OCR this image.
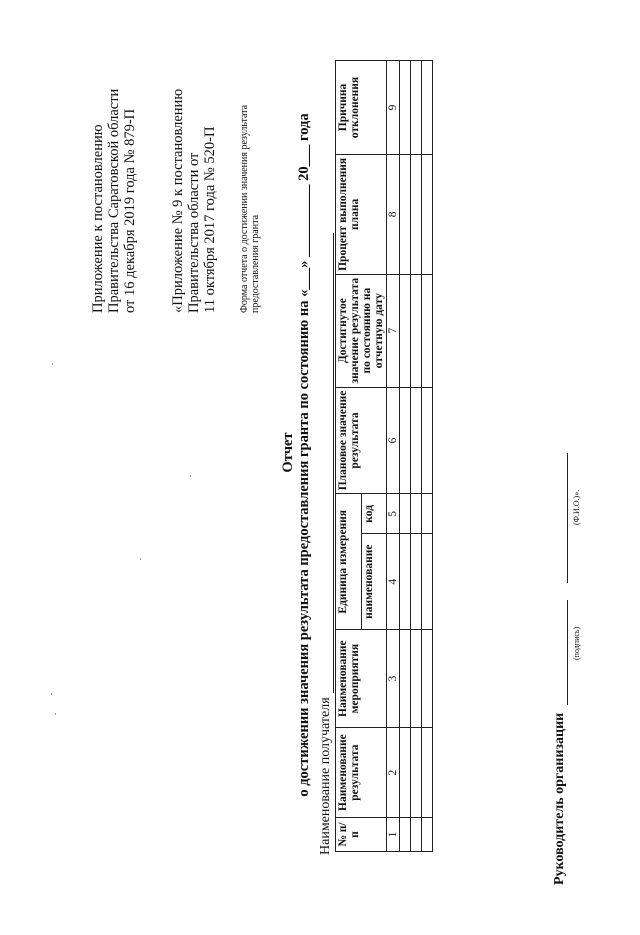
Приложение к постановлению Правительства Саратовской области от 16 декабря 2019 года № 879-П «Приложение № 9 к постановлению Правительства области от 11 октября 2017 года № 520-П Форма отчета о достижении значения результата предоставления гранта
Отчет о достижении значения результата предоставления гранта по состоянию на «___» __________ 20___ года Наименование получателя № п/п	Наименование результата	Наименование мероприятия	Единица измерения		Плановое значение результата	Достигнутое значение результата по состоянию на отчетную дату	Процент выполнения плана	Причина отклонения
			наименование	код				
1	2	3	4	5	6	7	8	9

Руководитель организации
(подпись)
(Ф.И.О.)».
